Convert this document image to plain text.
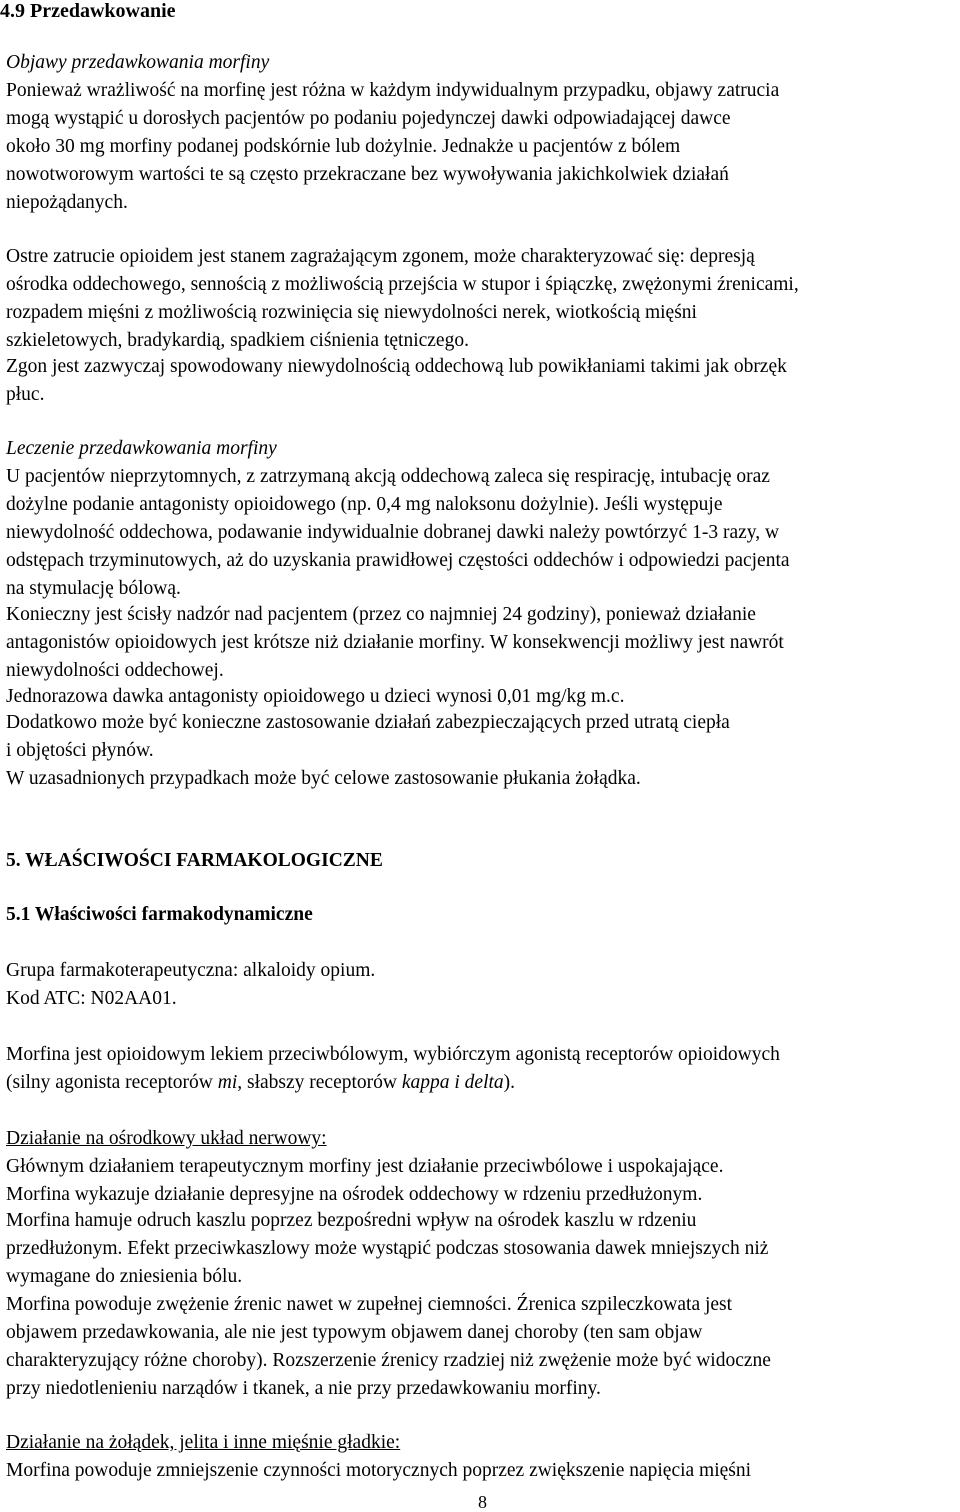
4.9 Przedawkowanie
Objawy przedawkowania morfiny
Ponieważ wrażliwość na morfinę jest różna w każdym indywidualnym przypadku, objawy zatrucia
mogą wystąpić u dorosłych pacjentów po podaniu pojedynczej dawki odpowiadającej dawce
około 30 mg morfiny podanej podskórnie lub dożylnie. Jednakże u pacjentów z bólem
nowotworowym wartości te są często przekraczane bez wywoływania jakichkolwiek działań
niepożądanych.
Ostre zatrucie opioidem jest stanem zagrażającym zgonem, może charakteryzować się: depresją
ośrodka oddechowego, sennością z możliwością przejścia w stupor i śpiączkę, zwężonymi źrenicami,
rozpadem mięśni z możliwością rozwinięcia się niewydolności nerek, wiotkością mięśni
szkieletowych, bradykardią, spadkiem ciśnienia tętniczego.
Zgon jest zazwyczaj spowodowany niewydolnością oddechową lub powikłaniami takimi jak obrzęk
płuc.
Leczenie przedawkowania morfiny
U pacjentów nieprzytomnych, z zatrzymaną akcją oddechową zaleca się respirację, intubację oraz
dożylne podanie antagonisty opioidowego (np. 0,4 mg naloksonu dożylnie). Jeśli występuje
niewydolność oddechowa, podawanie indywidualnie dobranej dawki należy powtórzyć 1-3 razy, w
odstępach trzyminutowych, aż do uzyskania prawidłowej częstości oddechów i odpowiedzi pacjenta
na stymulację bólową.
Konieczny jest ścisły nadzór nad pacjentem (przez co najmniej 24 godziny), ponieważ działanie
antagonistów opioidowych jest krótsze niż działanie morfiny. W konsekwencji możliwy jest nawrót
niewydolności oddechowej.
Jednorazowa dawka antagonisty opioidowego u dzieci wynosi 0,01 mg/kg m.c.
Dodatkowo może być konieczne zastosowanie działań zabezpieczających przed utratą ciepła
i objętości płynów.
W uzasadnionych przypadkach może być celowe zastosowanie płukania żołądka.
5. WŁAŚCIWOŚCI FARMAKOLOGICZNE
5.1 Właściwości farmakodynamiczne
Grupa farmakoterapeutyczna: alkaloidy opium.
Kod ATC: N02AA01.
Morfina jest opioidowym lekiem przeciwbólowym, wybiórczym agonistą receptorów opioidowych
(silny agonista receptorów mi, słabszy receptorów kappa i delta).
Działanie na ośrodkowy układ nerwowy:
Głównym działaniem terapeutycznym morfiny jest działanie przeciwbólowe i uspokajające.
Morfina wykazuje działanie depresyjne na ośrodek oddechowy w rdzeniu przedłużonym.
Morfina hamuje odruch kaszlu poprzez bezpośredni wpływ na ośrodek kaszlu w rdzeniu
przedłużonym. Efekt przeciwkaszlowy może wystąpić podczas stosowania dawek mniejszych niż
wymagane do zniesienia bólu.
Morfina powoduje zwężenie źrenic nawet w zupełnej ciemności. Źrenica szpileczkowata jest
objawem przedawkowania, ale nie jest typowym objawem danej choroby (ten sam objaw
charakteryzujący różne choroby). Rozszerzenie źrenicy rzadziej niż zwężenie może być widoczne
przy niedotlenieniu narządów i tkanek, a nie przy przedawkowaniu morfiny.
Działanie na żołądek, jelita i inne mięśnie gładkie:
Morfina powoduje zmniejszenie czynności motorycznych poprzez zwiększenie napięcia mięśni
8
